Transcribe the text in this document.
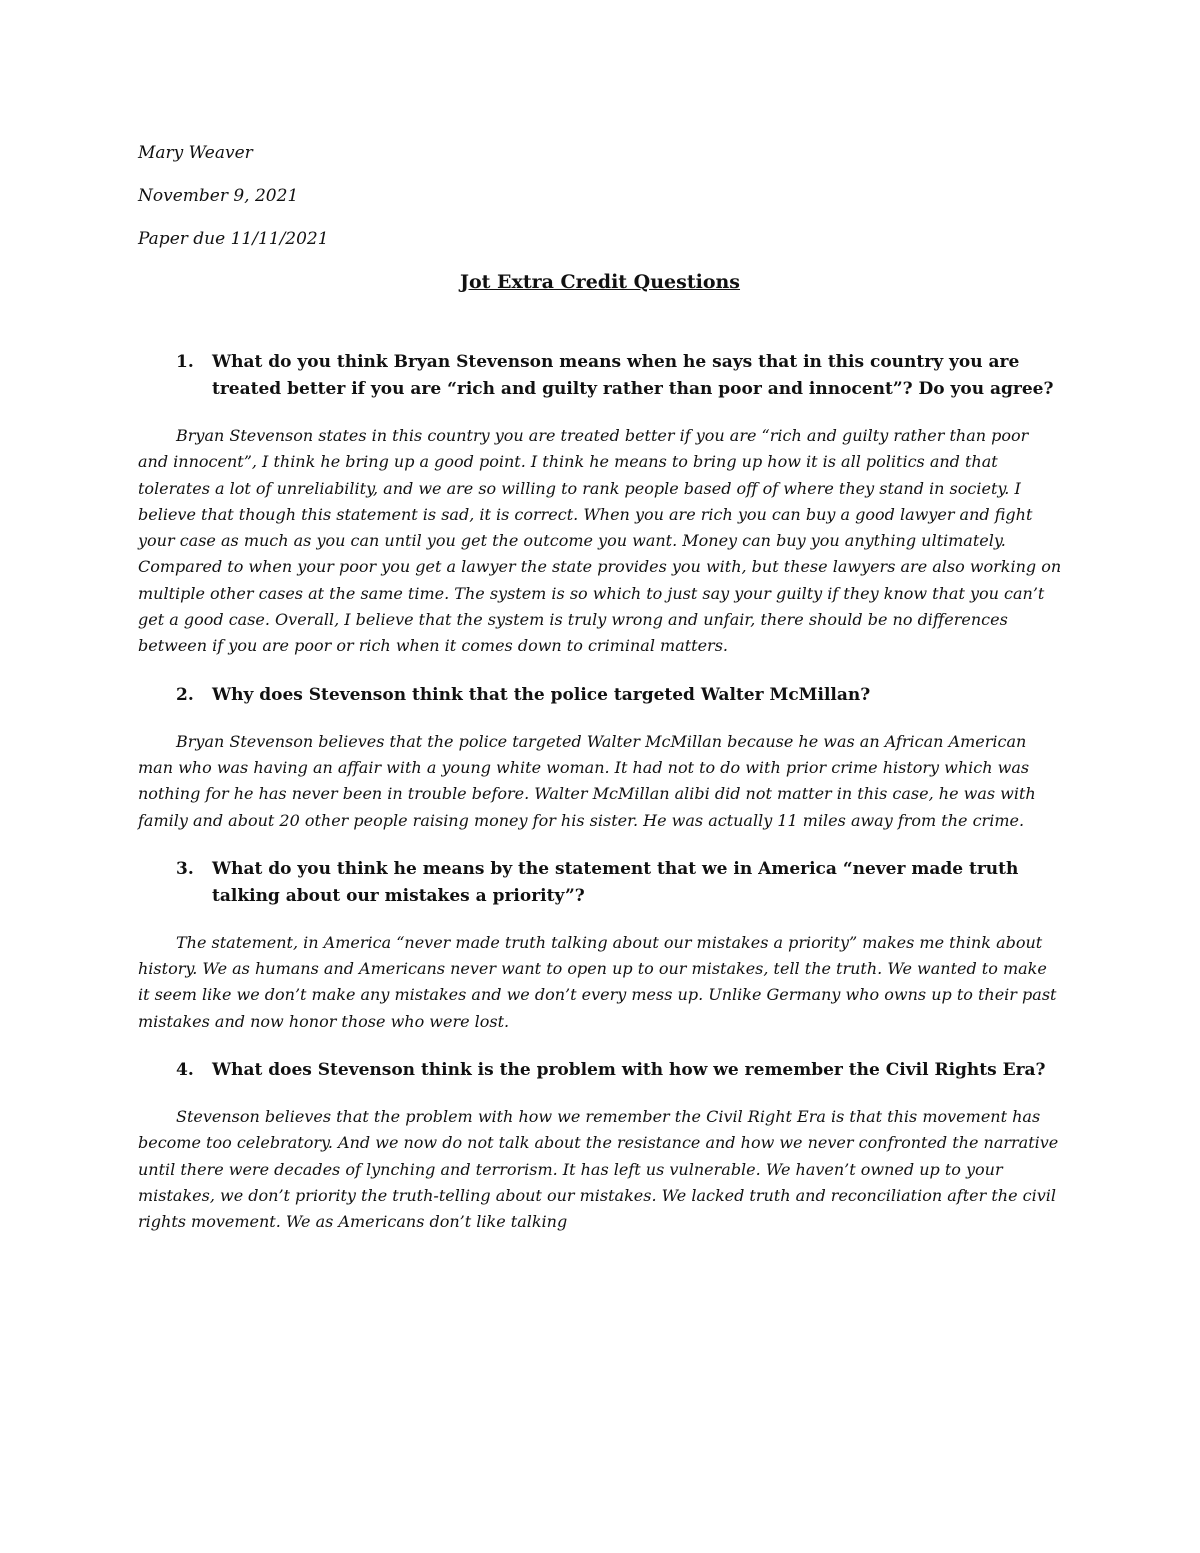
Mary Weaver
November 9, 2021
Paper due 11/11/2021
Jot Extra Credit Questions
1. What do you think Bryan Stevenson means when he says that in this country you are treated better if you are “rich and guilty rather than poor and innocent”? Do you agree?

Bryan Stevenson states in this country you are treated better if you are “rich and guilty rather than poor and innocent”, I think he bring up a good point. I think he means to bring up how it is all politics and that tolerates a lot of unreliability, and we are so willing to rank people based off of where they stand in society. I believe that though this statement is sad, it is correct. When you are rich you can buy a good lawyer and fight your case as much as you can until you get the outcome you want. Money can buy you anything ultimately. Compared to when your poor you get a lawyer the state provides you with, but these lawyers are also working on multiple other cases at the same time. The system is so which to just say your guilty if they know that you can’t get a good case. Overall, I believe that the system is truly wrong and unfair, there should be no differences between if you are poor or rich when it comes down to criminal matters.

2. Why does Stevenson think that the police targeted Walter McMillan?

Bryan Stevenson believes that the police targeted Walter McMillan because he was an African American man who was having an affair with a young white woman. It had not to do with prior crime history which was nothing for he has never been in trouble before. Walter McMillan alibi did not matter in this case, he was with family and about 20 other people raising money for his sister. He was actually 11 miles away from the crime.

3. What do you think he means by the statement that we in America “never made truth talking about our mistakes a priority”?

The statement, in America “never made truth talking about our mistakes a priority” makes me think about history. We as humans and Americans never want to open up to our mistakes, tell the truth. We wanted to make it seem like we don’t make any mistakes and we don’t every mess up. Unlike Germany who owns up to their past mistakes and now honor those who were lost.

4. What does Stevenson think is the problem with how we remember the Civil Rights Era?

Stevenson believes that the problem with how we remember the Civil Right Era is that this movement has become too celebratory. And we now do not talk about the resistance and how we never confronted the narrative until there were decades of lynching and terrorism. It has left us vulnerable. We haven’t owned up to your mistakes, we don’t priority the truth-telling about our mistakes. We lacked truth and reconciliation after the civil rights movement. We as Americans don’t like talking
